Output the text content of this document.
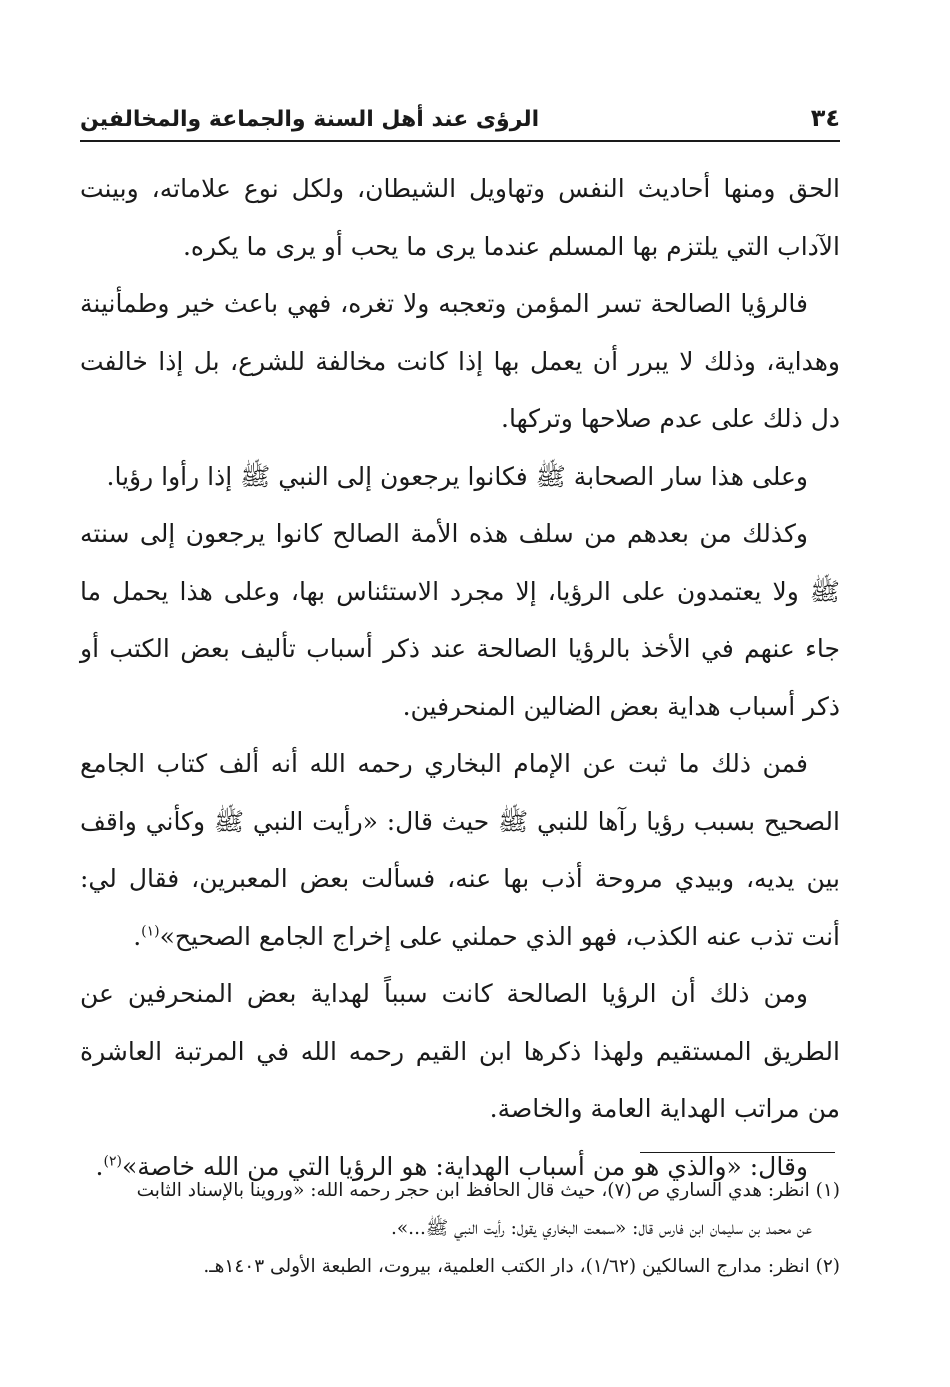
٣٤
الرؤى عند أهل السنة والجماعة والمخالفين

الحق ومنها أحاديث النفس وتهاويل الشيطان، ولكل نوع علاماته، وبينت الآداب التي يلتزم بها المسلم عندما يرى ما يحب أو يرى ما يكره.

فالرؤيا الصالحة تسر المؤمن وتعجبه ولا تغره، فهي باعث خير وطمأنينة وهداية، وذلك لا يبرر أن يعمل بها إذا كانت مخالفة للشرع، بل إذا خالفت دل ذلك على عدم صلاحها وتركها.

وعلى هذا سار الصحابة ﷺ فكانوا يرجعون إلى النبي ﷺ إذا رأوا رؤيا.

وكذلك من بعدهم من سلف هذه الأمة الصالح كانوا يرجعون إلى سنته ﷺ ولا يعتمدون على الرؤيا، إلا مجرد الاستئناس بها، وعلى هذا يحمل ما جاء عنهم في الأخذ بالرؤيا الصالحة عند ذكر أسباب تأليف بعض الكتب أو ذكر أسباب هداية بعض الضالين المنحرفين.

فمن ذلك ما ثبت عن الإمام البخاري رحمه الله أنه ألف كتاب الجامع الصحيح بسبب رؤيا رآها للنبي ﷺ حيث قال: «رأيت النبي ﷺ وكأني واقف بين يديه، وبيدي مروحة أذب بها عنه، فسألت بعض المعبرين، فقال لي: أنت تذب عنه الكذب، فهو الذي حملني على إخراج الجامع الصحيح»$^{(١)}$.

ومن ذلك أن الرؤيا الصالحة كانت سبباً لهداية بعض المنحرفين عن الطريق المستقيم ولهذا ذكرها ابن القيم رحمه الله في المرتبة العاشرة من مراتب الهداية العامة والخاصة.

وقال: «والذي هو من أسباب الهداية: هو الرؤيا التي من الله خاصة»$^{(٢)}$.

(١) انظر: هدي الساري ص (٧)، حيث قال الحافظ ابن حجر رحمه الله: «وروينا بالإسناد الثابت

عن محمد بن سليمان ابن فارس قال: «سمعت البخاري يقول: رأيت النبي ﷺ...».

(٢) انظر: مدارج السالكين (١/٦٢)، دار الكتب العلمية، بيروت، الطبعة الأولى ١٤٠٣هـ.
